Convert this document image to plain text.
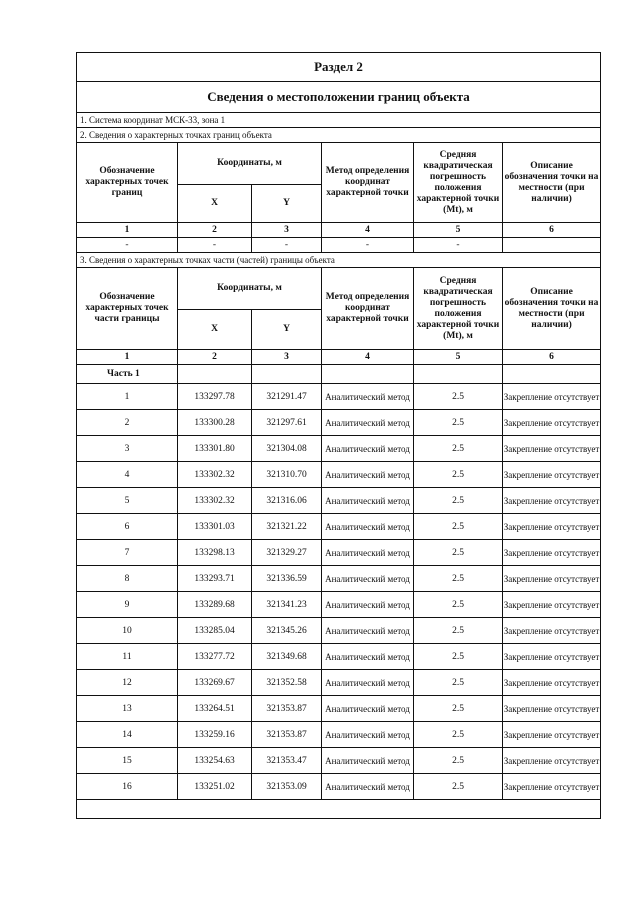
Раздел 2					
Сведения о местоположении границ объекта					
1. Система координат МСК-33, зона 1					
2. Сведения о характерных точках границ объекта					
Обозначение характерных точек границ	Координаты, м		Метод определения координат характерной точки	Средняя квадратическая погрешность положения характерной точки (Mt), м	Описание обозначения точки на местности (при наличии)
	X	Y			
1	2	3	4	5	6
-	-	-	-	-	
3. Сведения о характерных точках части (частей) границы объекта					
Обозначение характерных точек части границы	Координаты, м		Метод определения координат характерной точки	Средняя квадратическая погрешность положения характерной точки (Mt), м	Описание обозначения точки на местности (при наличии)
	X	Y			
1	2	3	4	5	6
Часть 1					
1	133297.78	321291.47	Аналитический метод	2.5	Закрепление отсутствует
2	133300.28	321297.61	Аналитический метод	2.5	Закрепление отсутствует
3	133301.80	321304.08	Аналитический метод	2.5	Закрепление отсутствует
4	133302.32	321310.70	Аналитический метод	2.5	Закрепление отсутствует
5	133302.32	321316.06	Аналитический метод	2.5	Закрепление отсутствует
6	133301.03	321321.22	Аналитический метод	2.5	Закрепление отсутствует
7	133298.13	321329.27	Аналитический метод	2.5	Закрепление отсутствует
8	133293.71	321336.59	Аналитический метод	2.5	Закрепление отсутствует
9	133289.68	321341.23	Аналитический метод	2.5	Закрепление отсутствует
10	133285.04	321345.26	Аналитический метод	2.5	Закрепление отсутствует
11	133277.72	321349.68	Аналитический метод	2.5	Закрепление отсутствует
12	133269.67	321352.58	Аналитический метод	2.5	Закрепление отсутствует
13	133264.51	321353.87	Аналитический метод	2.5	Закрепление отсутствует
14	133259.16	321353.87	Аналитический метод	2.5	Закрепление отсутствует
15	133254.63	321353.47	Аналитический метод	2.5	Закрепление отсутствует
16	133251.02	321353.09	Аналитический метод	2.5	Закрепление отсутствует
